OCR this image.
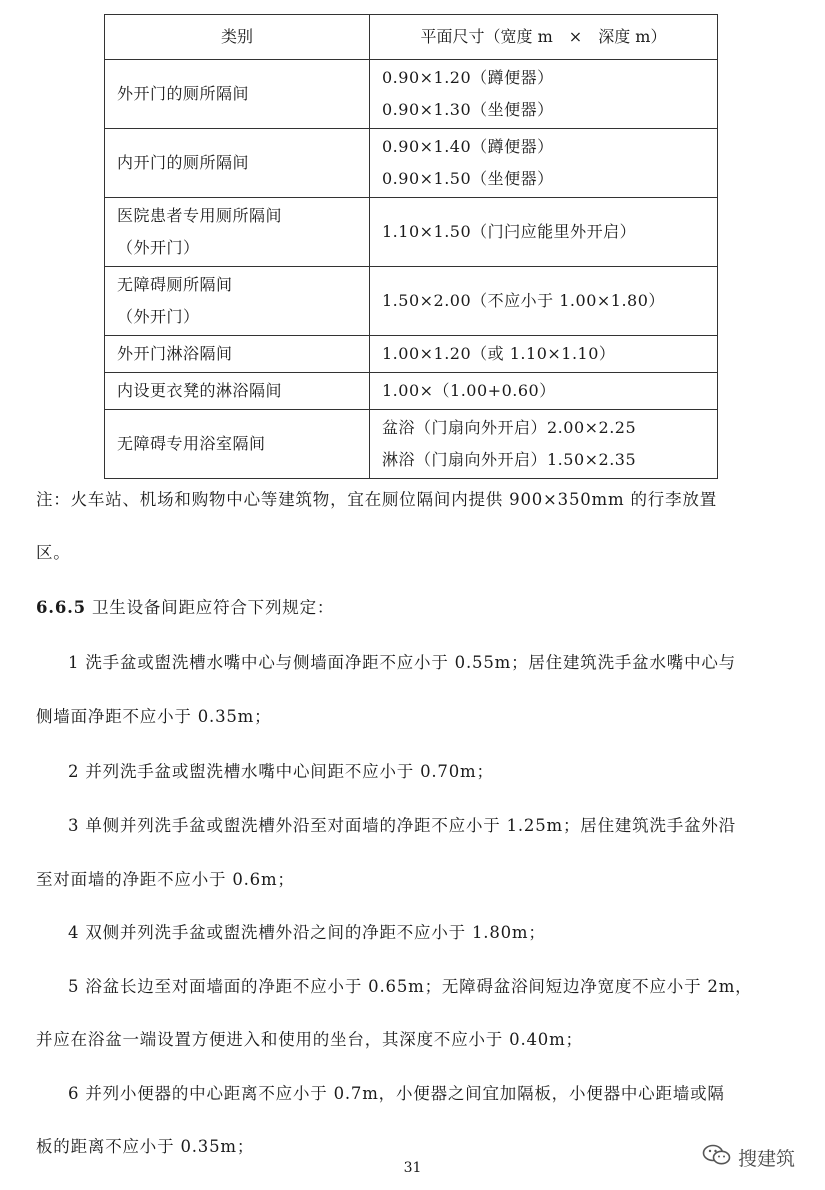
类别	平面尺寸（宽度 m　×　深度 m）

外开门的厕所隔间	0.90×1.20（蹲便器）
0.90×1.30（坐便器）

内开门的厕所隔间	0.90×1.40（蹲便器）
0.90×1.50（坐便器）

医院患者专用厕所隔间
（外开门）	1.10×1.50（门闩应能里外开启）

无障碍厕所隔间
（外开门）	1.50×2.00（不应小于 1.00×1.80）

外开门淋浴隔间	1.00×1.20（或 1.10×1.10）

内设更衣凳的淋浴隔间	1.00×（1.00+0.60）

无障碍专用浴室隔间	盆浴（门扇向外开启）2.00×2.25
淋浴（门扇向外开启）1.50×2.35
注：火车站、机场和购物中心等建筑物，宜在厕位隔间内提供 900×350mm 的行李放置
区。
6.6.5 卫生设备间距应符合下列规定：
1 洗手盆或盥洗槽水嘴中心与侧墙面净距不应小于 0.55m；居住建筑洗手盆水嘴中心与
侧墙面净距不应小于 0.35m；
2 并列洗手盆或盥洗槽水嘴中心间距不应小于 0.70m；
3 单侧并列洗手盆或盥洗槽外沿至对面墙的净距不应小于 1.25m；居住建筑洗手盆外沿
至对面墙的净距不应小于 0.6m；
4 双侧并列洗手盆或盥洗槽外沿之间的净距不应小于 1.80m；
5 浴盆长边至对面墙面的净距不应小于 0.65m；无障碍盆浴间短边净宽度不应小于 2m，
并应在浴盆一端设置方便进入和使用的坐台，其深度不应小于 0.40m；
6 并列小便器的中心距离不应小于 0.7m，小便器之间宜加隔板，小便器中心距墙或隔
板的距离不应小于 0.35m；
31	搜建筑
